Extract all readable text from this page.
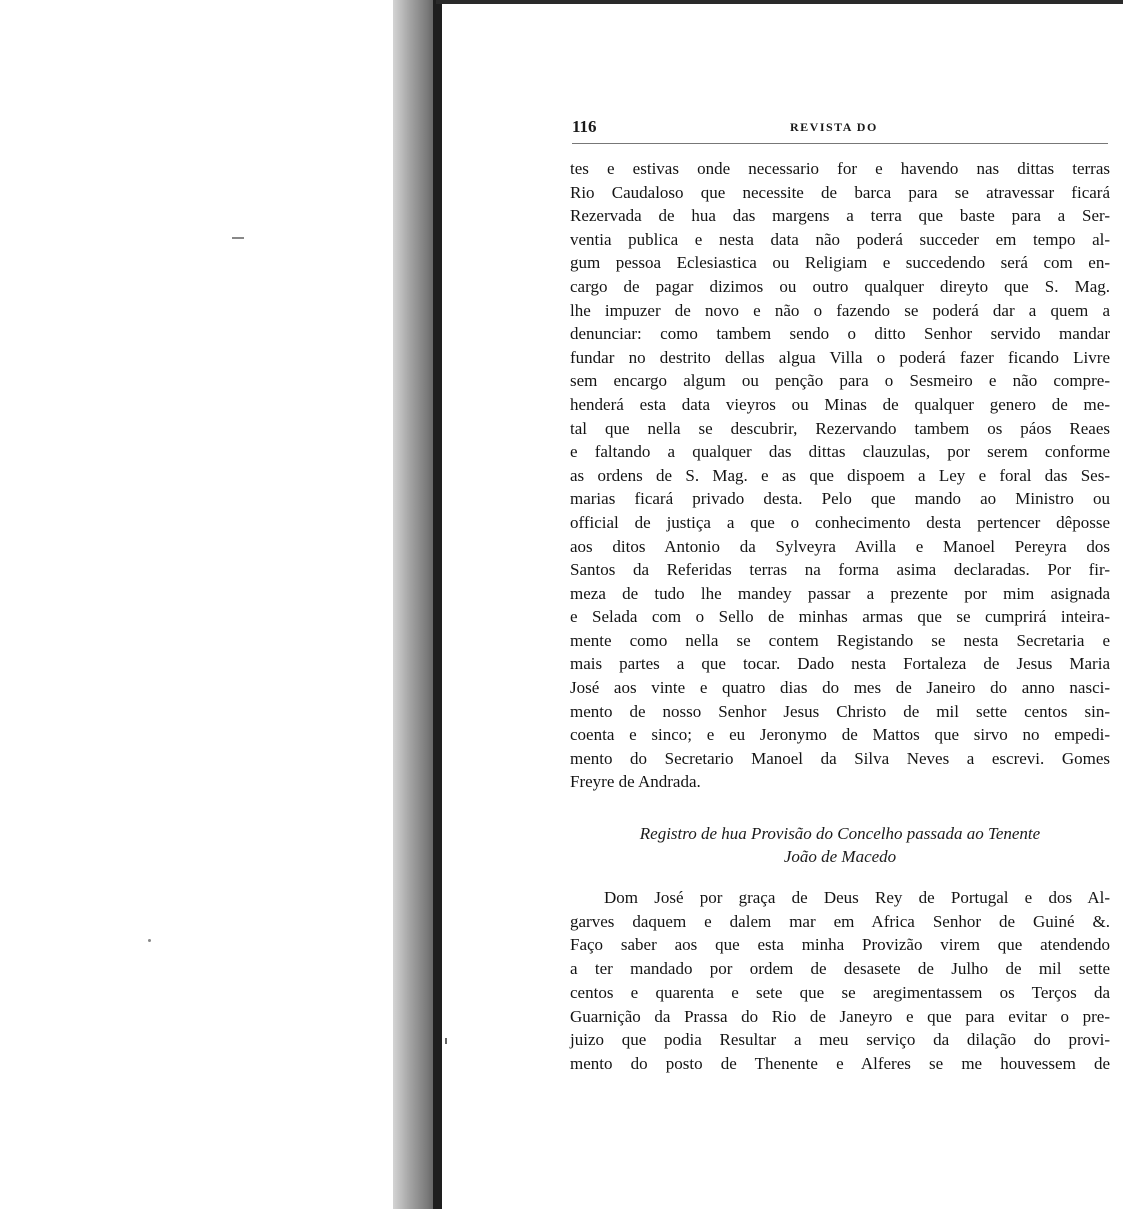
116	REVISTA DO
tes e estivas onde necessario for e havendo nas dittas terras
Rio Caudaloso que necessite de barca para se atravessar ficará
Rezervada de hua das margens a terra que baste para a Ser-
ventia publica e nesta data não poderá succeder em tempo al-
gum pessoa Eclesiastica ou Religiam e succedendo será com en-
cargo de pagar dizimos ou outro qualquer direyto que S. Mag.
lhe impuzer de novo e não o fazendo se poderá dar a quem a
denunciar: como tambem sendo o ditto Senhor servido mandar
fundar no destrito dellas algua Villa o poderá fazer ficando Livre
sem encargo algum ou penção para o Sesmeiro e não compre-
henderá esta data vieyros ou Minas de qualquer genero de me-
tal que nella se descubrir, Rezervando tambem os páos Reaes
e faltando a qualquer das dittas clauzulas, por serem conforme
as ordens de S. Mag. e as que dispoem a Ley e foral das Ses-
marias ficará privado desta. Pelo que mando ao Ministro ou
official de justiça a que o conhecimento desta pertencer dêposse
aos ditos Antonio da Sylveyra Avilla e Manoel Pereyra dos
Santos da Referidas terras na forma asima declaradas. Por fir-
meza de tudo lhe mandey passar a prezente por mim asignada
e Selada com o Sello de minhas armas que se cumprirá inteira-
mente como nella se contem Registando se nesta Secretaria e
mais partes a que tocar. Dado nesta Fortaleza de Jesus Maria
José aos vinte e quatro dias do mes de Janeiro do anno nasci-
mento de nosso Senhor Jesus Christo de mil sette centos sin-
coenta e sinco; e eu Jeronymo de Mattos que sirvo no empedi-
mento do Secretario Manoel da Silva Neves a escrevi. Gomes
Freyre de Andrada.
Registro de hua Provisão do Concelho passada ao Tenente
João de Macedo
Dom José por graça de Deus Rey de Portugal e dos Al-
garves daquem e dalem mar em Africa Senhor de Guiné &.
Faço saber aos que esta minha Provizão virem que atendendo
a ter mandado por ordem de desasete de Julho de mil sette
centos e quarenta e sete que se aregimentassem os Terços da
Guarnição da Prassa do Rio de Janeyro e que para evitar o pre-
juizo que podia Resultar a meu serviço da dilação do provi-
mento do posto de Thenente e Alferes se me houvessem de
